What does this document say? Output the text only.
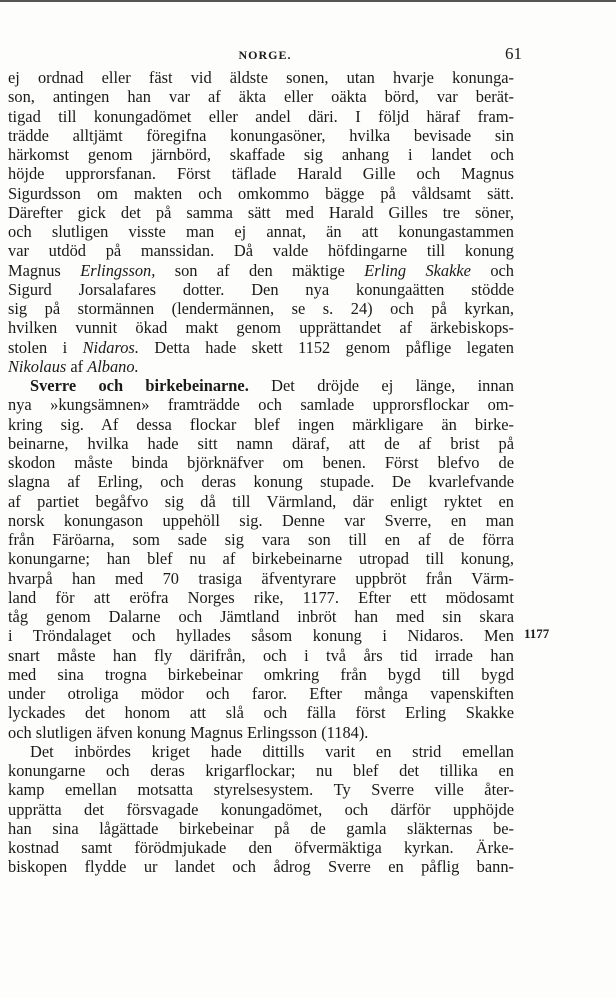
NORGE.	61
ej ordnad eller fäst vid äldste sonen, utan hvarje konunga-
son, antingen han var af äkta eller oäkta börd, var berät-
tigad till konungadömet eller andel däri. I följd häraf fram-
trädde alltjämt föregifna konungasöner, hvilka bevisade sin
härkomst genom järnbörd, skaffade sig anhang i landet och
höjde upprorsfanan. Först täflade Harald Gille och Magnus
Sigurdsson om makten och omkommo bägge på våldsamt sätt.
Därefter gick det på samma sätt med Harald Gilles tre söner,
och slutligen visste man ej annat, än att konungastammen
var utdöd på manssidan. Då valde höfdingarne till konung
Magnus Erlingsson, son af den mäktige Erling Skakke och
Sigurd Jorsalafares dotter. Den nya konungaätten stödde
sig på stormännen (lendermännen, se s. 24) och på kyrkan,
hvilken vunnit ökad makt genom upprättandet af ärkebiskops-
stolen i Nidaros. Detta hade skett 1152 genom påflige legaten
Nikolaus af Albano.
Sverre och birkebeinarne. Det dröjde ej länge, innan
nya »kungsämnen» framträdde och samlade upprorsflockar om-
kring sig. Af dessa flockar blef ingen märkligare än birke-
beinarne, hvilka hade sitt namn däraf, att de af brist på
skodon måste binda björknäfver om benen. Först blefvo de
slagna af Erling, och deras konung stupade. De kvarlefvande
af partiet begåfvo sig då till Värmland, där enligt ryktet en
norsk konungason uppehöll sig. Denne var Sverre, en man
från Färöarna, som sade sig vara son till en af de förra
konungarne; han blef nu af birkebeinarne utropad till konung,
hvarpå han med 70 trasiga äfventyrare uppbröt från Värm-
land för att eröfra Norges rike, 1177. Efter ett mödosamt
tåg genom Dalarne och Jämtland inbröt han med sin skara
i Tröndalaget och hyllades såsom konung i Nidaros. Men
snart måste han fly därifrån, och i två års tid irrade han
med sina trogna birkebeinar omkring från bygd till bygd
under otroliga mödor och faror. Efter många vapenskiften
lyckades det honom att slå och fälla först Erling Skakke
och slutligen äfven konung Magnus Erlingsson (1184).
Det inbördes kriget hade dittills varit en strid emellan
konungarne och deras krigarflockar; nu blef det tillika en
kamp emellan motsatta styrelsesystem. Ty Sverre ville åter-
upprätta det försvagade konungadömet, och därför upphöjde
han sina lågättade birkebeinar på de gamla släkternas be-
kostnad samt förödmjukade den öfvermäktiga kyrkan. Ärke-
biskopen flydde ur landet och ådrog Sverre en påflig bann-
1177
